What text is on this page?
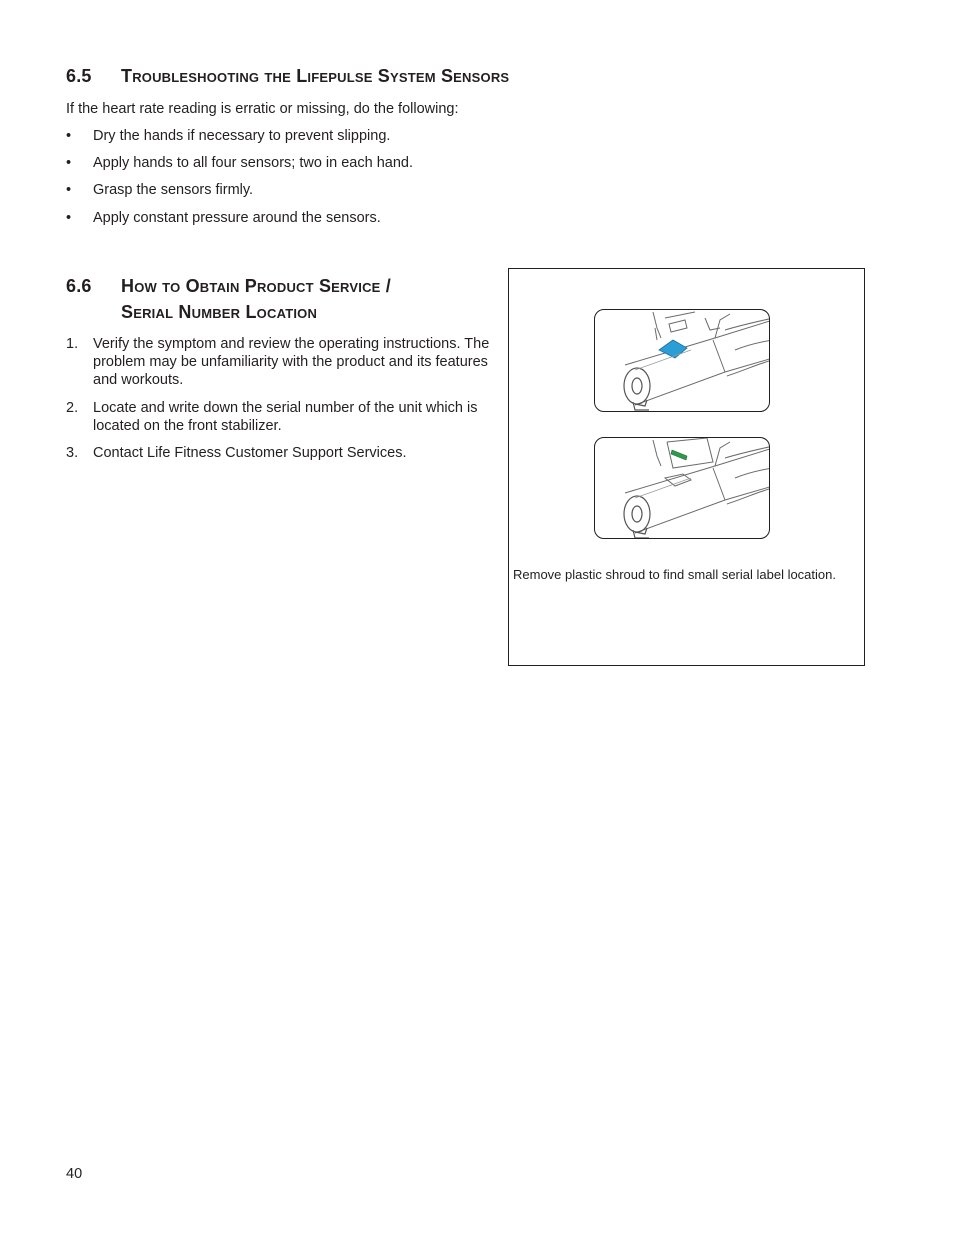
6.5 Troubleshooting the Lifepulse System Sensors
If the heart rate reading is erratic or missing, do the following:
• Dry the hands if necessary to prevent slipping.
• Apply hands to all four sensors; two in each hand.
• Grasp the sensors firmly.
• Apply constant pressure around the sensors.
6.6 How to Obtain Product Service /
Serial Number Location
1.	Verify the symptom and review the operating instructions. The problem may be unfamiliarity with the product and its features and workouts.
2.	Locate and write down the serial number of the unit which is located on the front stabilizer.
3.	Contact Life Fitness Customer Support Services.
Remove plastic shroud to find small serial label location.
40
